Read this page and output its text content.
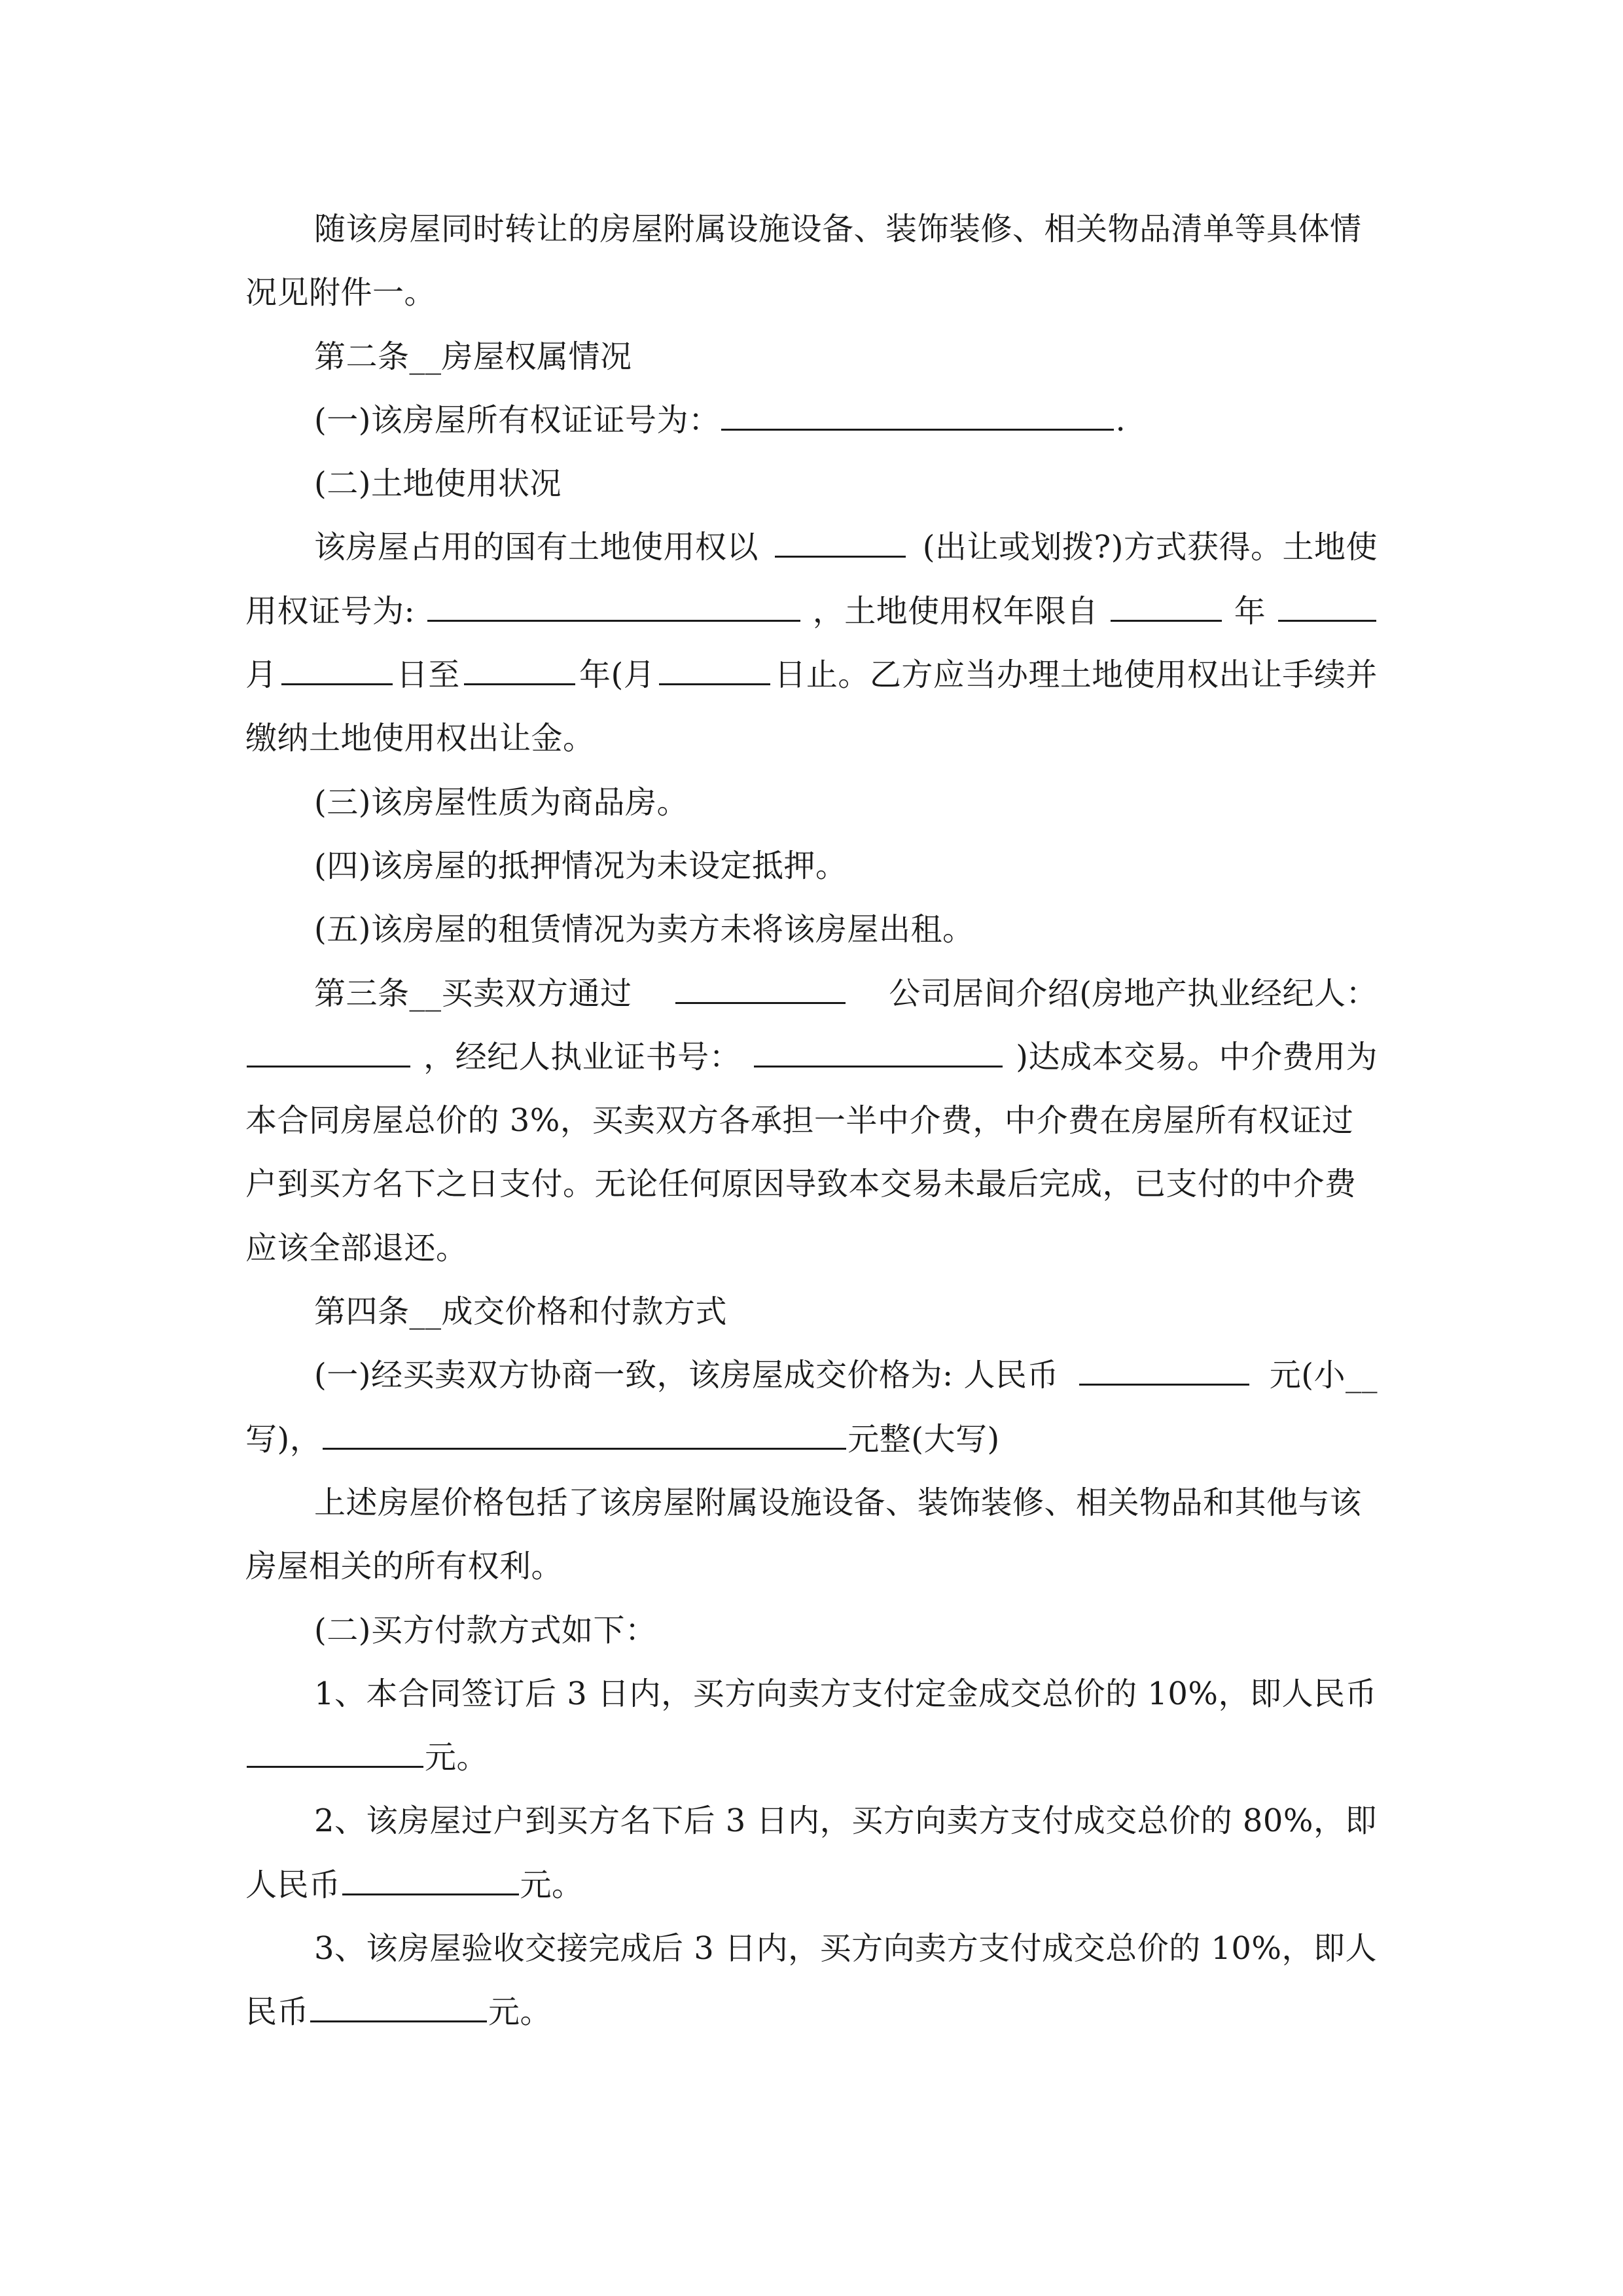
随该房屋同时转让的房屋附属设施设备、装饰装修、相关物品清单等具体情
况见附件一。
第二条__房屋权属情况
(一)该房屋所有权证证号为：	.
(二)土地使用状况
该房屋占用的国有土地使用权以	(出让或划拨?)方式获得。土地使
用权证号为:	，土地使用权年限自	年
月	日至	年(月	日止。乙方应当办理土地使用权出让手续并
缴纳土地使用权出让金。
(三)该房屋性质为商品房。
(四)该房屋的抵押情况为未设定抵押。
(五)该房屋的租赁情况为卖方未将该房屋出租。
第三条__买卖双方通过	公司居间介绍(房地产执业经纪人：
，经纪人执业证书号：	)达成本交易。中介费用为
本合同房屋总价的 3%，买卖双方各承担一半中介费，中介费在房屋所有权证过
户到买方名下之日支付。无论任何原因导致本交易未最后完成，已支付的中介费
应该全部退还。
第四条__成交价格和付款方式
(一)经买卖双方协商一致，该房屋成交价格为: 人民币	元(小__
写)，	元整(大写)
上述房屋价格包括了该房屋附属设施设备、装饰装修、相关物品和其他与该
房屋相关的所有权利。
(二)买方付款方式如下：
1、本合同签订后 3 日内，买方向卖方支付定金成交总价的 10%，即人民币
元。
2、该房屋过户到买方名下后 3 日内，买方向卖方支付成交总价的 80%，即
人民币	元。
3、该房屋验收交接完成后 3 日内，买方向卖方支付成交总价的 10%，即人
民币	元。
